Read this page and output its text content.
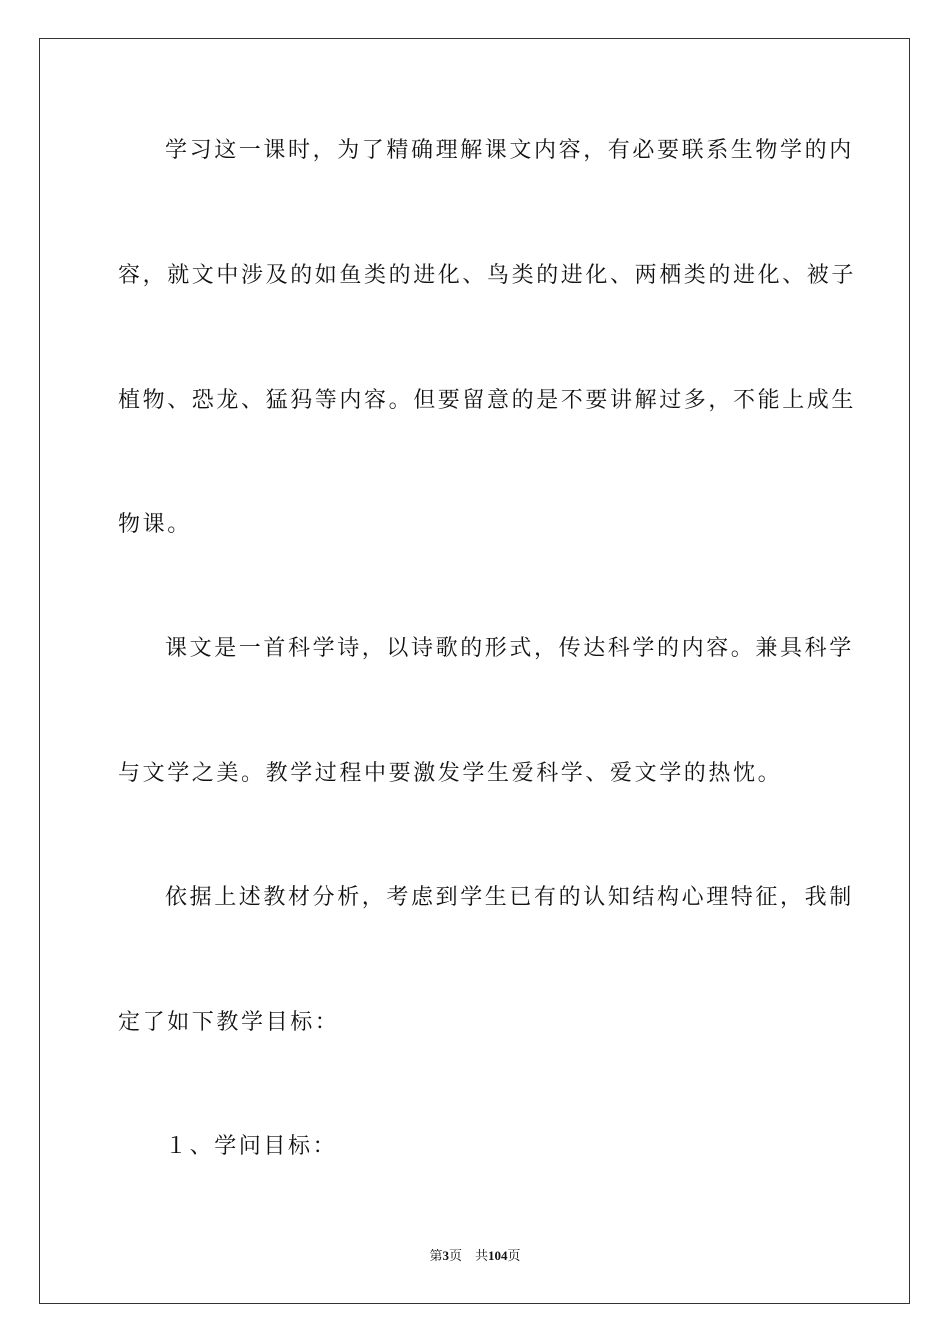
学习这一课时，为了精确理解课文内容，有必要联系生物学的内
容，就文中涉及的如鱼类的进化、鸟类的进化、两栖类的进化、被子
植物、恐龙、猛犸等内容。但要留意的是不要讲解过多，不能上成生
物课。
课文是一首科学诗，以诗歌的形式，传达科学的内容。兼具科学
与文学之美。教学过程中要激发学生爱科学、爱文学的热忱。
依据上述教材分析，考虑到学生已有的认知结构心理特征，我制
定了如下教学目标：
１、学问目标：
第3页 共104页
